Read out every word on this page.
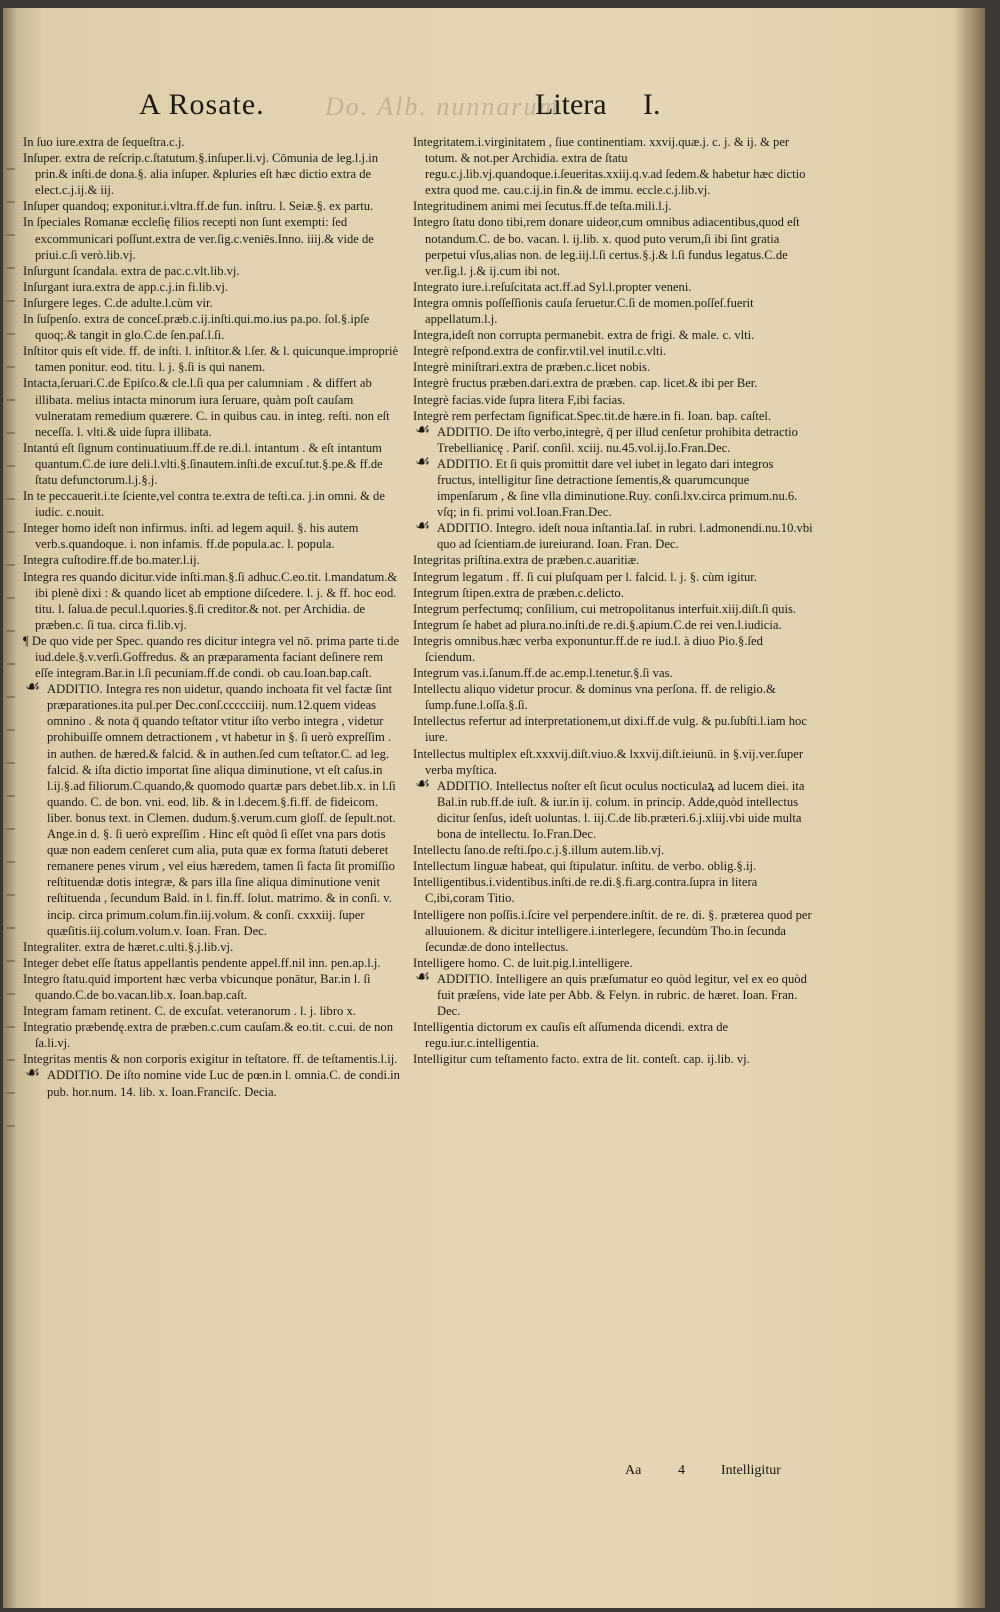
A Rosate. Do. Alb. nunnarum
Litera I.

In ſuo iure.extra de ſequeſtra.c.j.

Inſuper. extra de reſcrip.c.ſtatutum.§.inſuper.li.vj. Cōmunia de leg.l.j.in prin.& inſti.de dona.§. alia inſuper. &pluries eſt hæc dictio extra de elect.c.j.ij.& iij.

Inſuper quandoq; exponitur.i.vltra.ff.de fun. inſtru. l. Seiæ.§. ex partu.

In ſpeciales Romanæ eccleſię filios recepti non ſunt exempti: ſed excommunicari poſſunt.extra de ver.ſig.c.veniēs.Inno. iiij.& vide de priui.c.ſi verò.lib.vj.

Inſurgunt ſcandala. extra de pac.c.vlt.lib.vj.

Inſurgant iura.extra de app.c.j.in fi.lib.vj.

Inſurgere leges. C.de adulte.l.cùm vir.

In ſuſpenſo. extra de conceſ.præb.c.ij.inſti.qui.mo.ius pa.po. ſol.§.ipſe quoq;.& tangit in glo.C.de ſen.paſ.l.ſi.

Inſtitor quis eſt vide. ff. de inſti. l. inſtitor.& l.ſer. & l. quicunque.impropriè tamen ponitur. eod. titu. l. j. §.ſi is qui nanem.

Intacta,ſeruari.C.de Epiſco.& cle.l.ſi qua per calumniam . & differt ab illibata. melius intacta minorum iura ſeruare, quàm poſt cauſam vulneratam remedium quærere. C. in quibus cau. in integ. reſti. non eſt neceſſa. l. vlti.& uide ſupra illibata.

Intantú eſt ſignum continuatiuum.ff.de re.di.l. intantum . & eſt intantum quantum.C.de iure deli.l.vlti.§.ſinautem.inſti.de excuſ.tut.§.pe.& ff.de ſtatu defunctorum.l.j.§.j.

In te peccauerit.i.te ſciente,vel contra te.extra de teſti.ca. j.in omni. & de iudic. c.nouit.

Integer homo ideſt non infirmus. inſti. ad legem aquil. §. his autem verb.s.quandoque. i. non infamis. ff.de popula.ac. l. popula.

Integra cuſtodire.ff.de bo.mater.l.ij.

Integra res quando dicitur.vide inſti.man.§.ſi adhuc.C.eo.tit. l.mandatum.& ibi plenè dixi : & quando licet ab emptione diſcedere. l. j. & ff. hoc eod. titu. l. ſalua.de pecul.l.quories.§.ſi creditor.& not. per Archidia. de præben.c. ſi tua. circa fi.lib.vj.

¶ De quo vide per Spec. quando res dicitur integra vel nō. prima parte ti.de iud.dele.§.v.verſi.Goffredus. & an præparamenta faciant deſinere rem eſſe integram.Bar.in l.ſi pecuniam.ff.de condi. ob cau.Ioan.bap.caſt.

☙ ADDITIO. Integra res non uidetur, quando inchoata fit vel factæ ſint præparationes.ita pul.per Dec.conſ.ccccciiij. num.12.quem videas omnino . & nota q̄ quando teſtator vtitur iſto verbo integra , videtur prohibuiſſe omnem detractionem , vt habetur in §. ſi uerò expreſſim . in authen. de hæred.& falcid. & in authen.ſed cum teſtator.C. ad leg. falcid. & iſta dictio importat ſine aliqua diminutione, vt eſt caſus.in l.ij.§.ad filiorum.C.quando,& quomodo quartæ pars debet.lib.x. in l.ſi quando. C. de bon. vni. eod. lib. & in l.decem.§.fi.ff. de fideicom. liber. bonus text. in Clemen. dudum.§.verum.cum gloſſ. de ſepult.not. Ange.in d. §. ſi uerò expreſſim . Hinc eſt quòd ſi eſſet vna pars dotis quæ non eadem cenſeret cum alia, puta quæ ex forma ſtatuti deberet remanere penes virum , vel eius hæredem, tamen ſi facta ſit promiſſio reſtituendæ dotis integræ, & pars illa ſine aliqua diminutione venit reſtituenda , ſecundum Bald. in l. fin.ff. ſolut. matrimo. & in conſi. v. incip. circa primum.colum.fin.iij.volum. & conſi. cxxxiij. ſuper quæſitis.iij.colum.volum.v. Ioan. Fran. Dec.

Integraliter. extra de hæret.c.ulti.§.j.lib.vj.

Integer debet eſſe ſtatus appellantis pendente appel.ff.nil inn. pen.ap.l.j.

Integro ſtatu.quid importent hæc verba vbicunque ponātur, Bar.in l. ſi quando.C.de bo.vacan.lib.x. Ioan.bap.caſt.

Integram famam retinent. C. de excuſat. veteranorum . l. j. libro x.

Integratio præbendę.extra de præben.c.cum cauſam.& eo.tit. c.cui. de non ſa.li.vj.

Integritas mentis & non corporis exigitur in teſtatore. ff. de teſtamentis.l.ij.

☙ ADDITIO. De iſto nomine vide Luc de pœn.in l. omnia.C. de condi.in pub. hor.num. 14. lib. x. Ioan.Franciſc. Decia.

Integritatem.i.virginitatem , ſiue continentiam. xxvij.quæ.j. c. j. & ij. & per totum. & not.per Archidia. extra de ſtatu regu.c.j.lib.vj.quandoque.i.ſeueritas.xxiij.q.v.ad ſedem.& habetur hæc dictio extra quod me. cau.c.ij.in fin.& de immu. eccle.c.j.lib.vj.

Integritudinem animi mei ſecutus.ff.de teſta.mili.l.j.

Integro ſtatu dono tibi,rem donare uideor,cum omnibus adiacentibus,quod eſt notandum.C. de bo. vacan. l. ij.lib. x. quod puto verum,ſi ibi ſint gratia perpetui vſus,alias non. de leg.iij.l.ſi certus.§.j.& l.ſi fundus legatus.C.de ver.ſig.l. j.& ij.cum ibi not.

Integrato iure.i.reſuſcitata act.ff.ad Syl.l.propter veneni.

Integra omnis poſſeſſionis cauſa ſeruetur.C.ſi de momen.poſſeſ.fuerit appellatum.l.j.

Integra,ideſt non corrupta permanebit. extra de frigi. & male. c. vlti.

Integrè reſpond.extra de confir.vtil.vel inutil.c.vlti.

Integrè miniſtrari.extra de præben.c.licet nobis.

Integrè fructus præben.dari.extra de præben. cap. licet.& ibi per Ber.

Integrè facias.vide ſupra litera F,ibi facias.

Integrè rem perfectam ſignificat.Spec.tit.de hære.in fi. Ioan. bap. caſtel.

☙ ADDITIO. De iſto verbo,integrè, q̄ per illud cenſetur prohibita detractio Trebellianicę . Pariſ. conſil. xciij. nu.45.vol.ij.Io.Fran.Dec.

☙ ADDITIO. Et ſi quis promittit dare vel iubet in legato dari integros fructus, intelligitur ſine detractione ſementis,& quarumcunque impenſarum , & ſine vlla diminutione.Ruy. conſi.lxv.circa primum.nu.6. vſq; in fi. primi vol.Ioan.Fran.Dec.

☙ ADDITIO. Integro. ideſt noua inſtantia.Iaſ. in rubri. l.admonendi.nu.10.vbi quo ad ſcientiam.de iureiurand. Ioan. Fran. Dec.

Integritas priſtina.extra de præben.c.auaritiæ.

Integrum legatum . ff. ſi cui pluſquam per l. falcid. l. j. §. cùm igitur.

Integrum ſtipen.extra de præben.c.delicto.

Integrum perfectumq; conſilium, cui metropolitanus interfuit.xiij.diſt.ſi quis.

Integrum ſe habet ad plura.no.inſti.de re.di.§.apium.C.de rei ven.l.iudicia.

Integris omnibus.hæc verba exponuntur.ff.de re iud.l. à diuo Pio.§.ſed ſciendum.

Integrum vas.i.ſanum.ff.de ac.emp.l.tenetur.§.ſi vas.

Intellectu aliquo videtur procur. & dominus vna perſona. ff. de religio.& ſump.fune.l.oſſa.§.ſi.

Intellectus refertur ad interpretationem,ut dixi.ff.de vulg. & pu.ſubſti.l.iam hoc iure.

Intellectus multiplex eſt.xxxvij.diſt.viuo.& lxxvij.diſt.ieiunū. in §.vij.ver.ſuper verba myſtica.

☙ ADDITIO. Intellectus noſter eſt ſicut oculus nocticulaꝝ ad lucem diei. ita Bal.in rub.ff.de iuſt. & iur.in ij. colum. in princip. Adde,quòd intellectus dicitur ſenſus, ideſt uoluntas. l. iij.C.de lib.præteri.6.j.xliij.vbi uide multa bona de intellectu. Io.Fran.Dec.

Intellectu ſano.de reſti.ſpo.c.j.§.illum autem.lib.vj.

Intellectum linguæ habeat, qui ſtipulatur. inſtitu. de verbo. oblig.§.ij.

Intelligentibus.i.videntibus.inſti.de re.di.§.fi.arg.contra.ſupra in litera C,ibi,coram Titio.

Intelligere non poſſis.i.ſcire vel perpendere.inſtit. de re. di. §. præterea quod per alluuionem. & dicitur intelligere.i.interlegere, ſecundùm Tho.in ſecunda ſecundæ.de dono intellectus.

Intelligere homo. C. de luit.pig.l.intelligere.

☙ ADDITIO. Intelligere an quis præſumatur eo quòd legitur, vel ex eo quòd fuit præſens, vide late per Abb. & Felyn. in rubric. de hæret. Ioan. Fran. Dec.

Intelligentia dictorum ex cauſis eſt aſſumenda dicendi. extra de regu.iur.c.intelligentia.

Intelligitur cum teſtamento facto. extra de lit. conteſt. cap. ij.lib. vj.

Aa	4	Intelligitur
